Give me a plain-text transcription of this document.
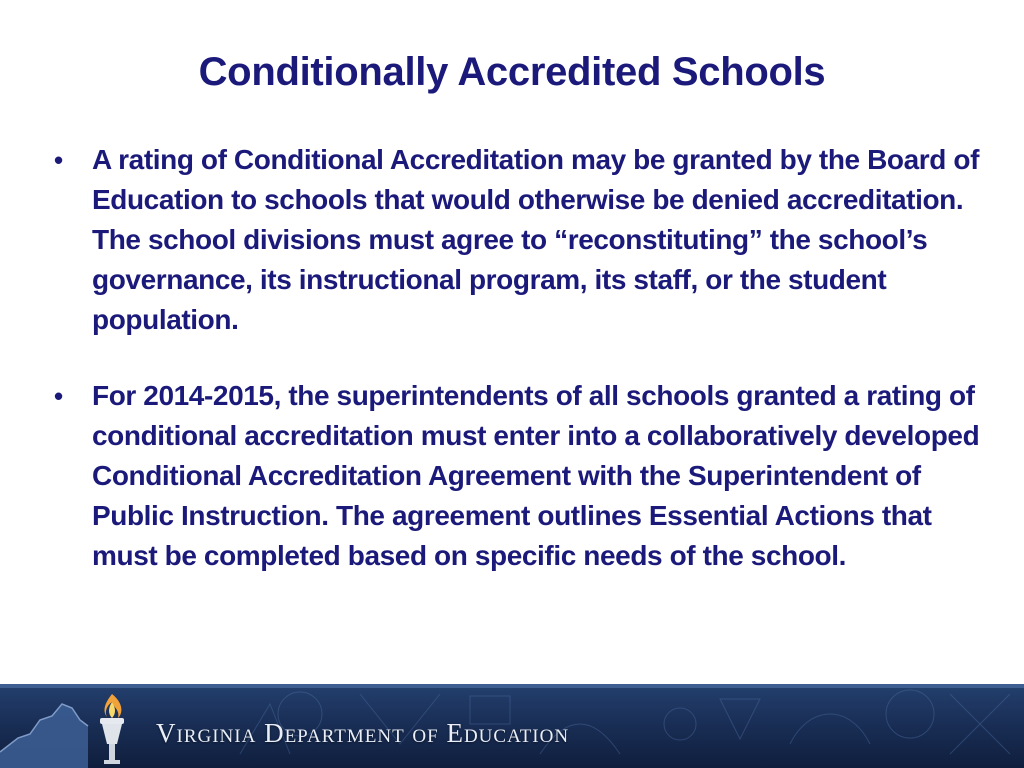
Conditionally Accredited Schools
• A rating of Conditional Accreditation may be granted by the Board of Education to schools that would otherwise be denied accreditation. The school divisions must agree to “reconstituting” the school’s governance, its instructional program, its staff, or the student population.
• For 2014-2015, the superintendents of all schools granted a rating of conditional accreditation must enter into a collaboratively developed Conditional Accreditation Agreement with the Superintendent of Public Instruction. The agreement outlines Essential Actions that must be completed based on specific needs of the school.
Virginia Department of Education
